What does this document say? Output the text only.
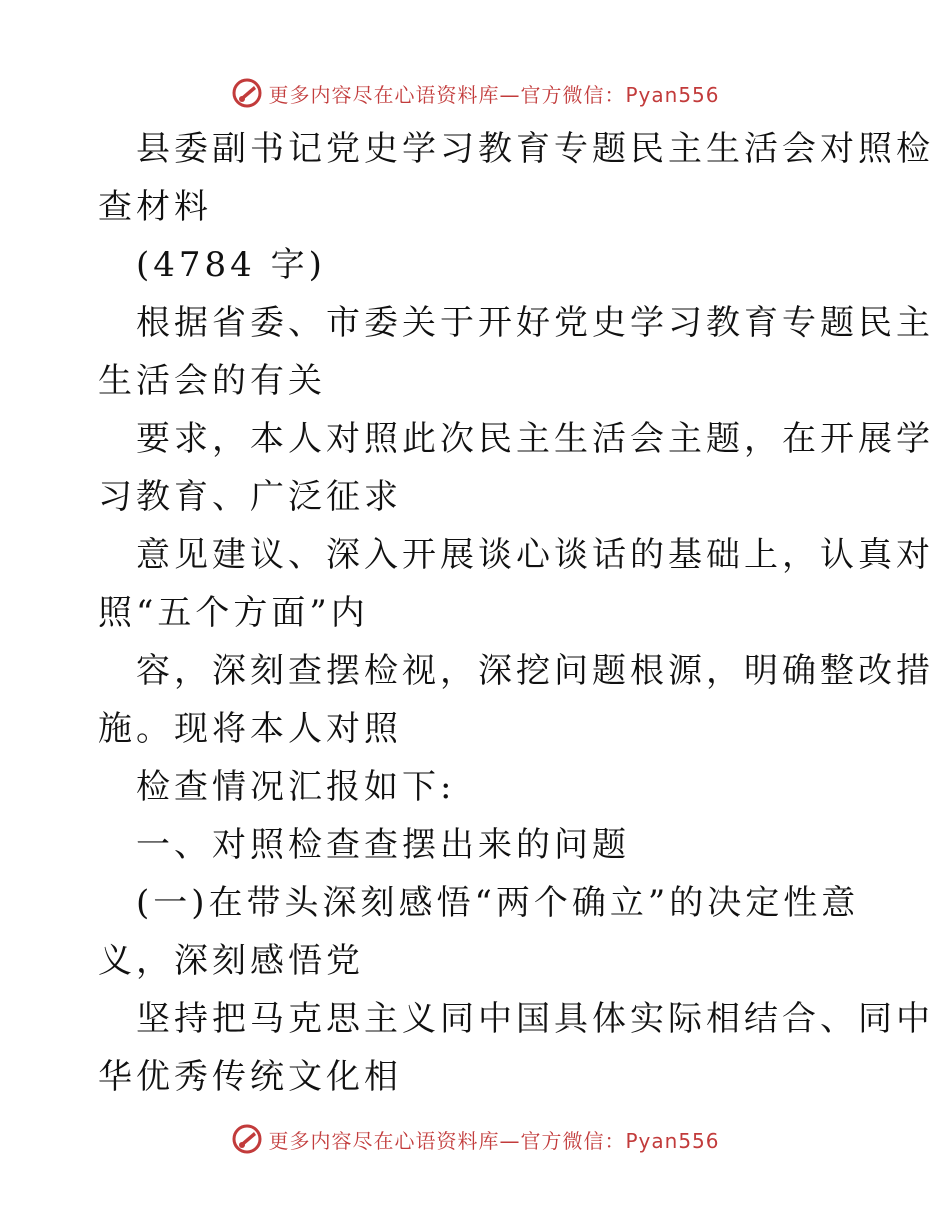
更多内容尽在心语资料库—官方微信：Pyan556
县委副书记党史学习教育专题民主生活会对照检
查材料
(4784 字)
根据省委、市委关于开好党史学习教育专题民主
生活会的有关
要求，本人对照此次民主生活会主题，在开展学
习教育、广泛征求
意见建议、深入开展谈心谈话的基础上，认真对
照“五个方面”内
容，深刻查摆检视，深挖问题根源，明确整改措
施。现将本人对照
检查情况汇报如下:
一、对照检查查摆出来的问题
(一)在带头深刻感悟“两个确立”的决定性意
义，深刻感悟党
坚持把马克思主义同中国具体实际相结合、同中
华优秀传统文化相
更多内容尽在心语资料库—官方微信：Pyan556
